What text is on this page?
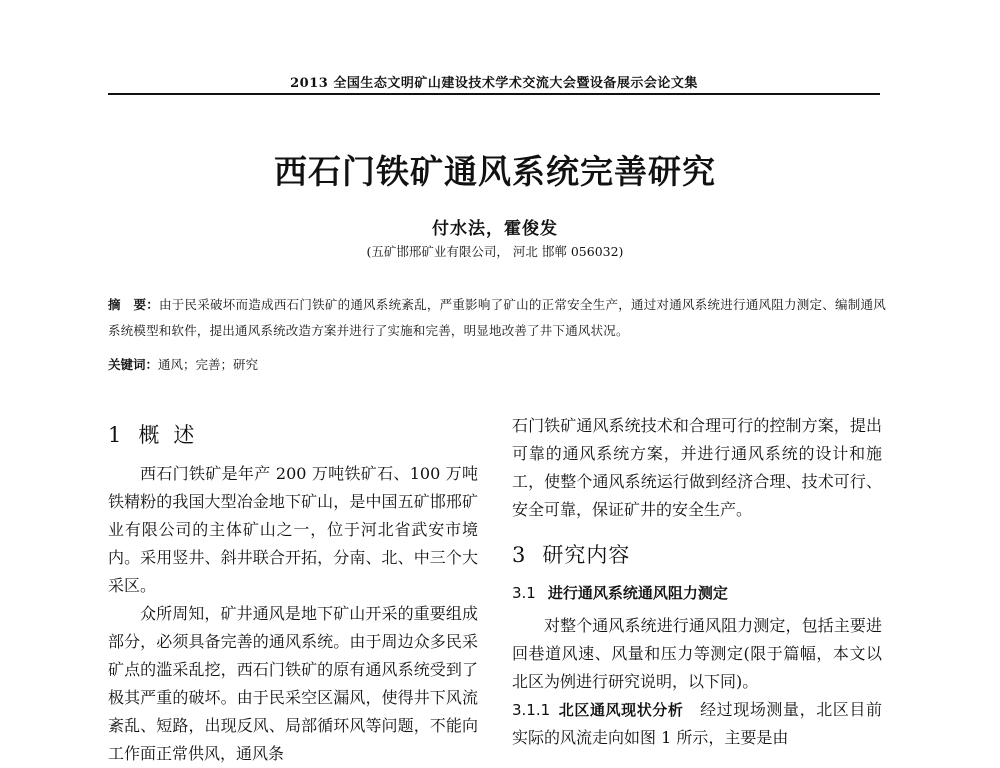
2013 全国生态文明矿山建设技术学术交流大会暨设备展示会论文集
西石门铁矿通风系统完善研究
付水法，霍俊发
(五矿邯邢矿业有限公司， 河北 邯郸 056032)
摘　要：由于民采破坏而造成西石门铁矿的通风系统紊乱，严重影响了矿山的正常安全生产，通过对通风系统进行通风阻力测定、编制通风系统模型和软件，提出通风系统改造方案并进行了实施和完善，明显地改善了井下通风状况。
关键词：通风；完善；研究
1 概述

西石门铁矿是年产 200 万吨铁矿石、100 万吨铁精粉的我国大型冶金地下矿山，是中国五矿邯邢矿业有限公司的主体矿山之一，位于河北省武安市境内。采用竖井、斜井联合开拓，分南、北、中三个大采区。

众所周知，矿井通风是地下矿山开采的重要组成部分，必须具备完善的通风系统。由于周边众多民采矿点的滥采乱挖，西石门铁矿的原有通风系统受到了极其严重的破坏。由于民采空区漏风，使得井下风流紊乱、短路，出现反风、局部循环风等问题，不能向工作面正常供风，通风条

石门铁矿通风系统技术和合理可行的控制方案，提出可靠的通风系统方案，并进行通风系统的设计和施工，使整个通风系统运行做到经济合理、技术可行、安全可靠，保证矿井的安全生产。

3 研究内容
3.1 进行通风系统通风阻力测定

对整个通风系统进行通风阻力测定，包括主要进回巷道风速、风量和压力等测定(限于篇幅，本文以北区为例进行研究说明，以下同)。

3.1.1 北区通风现状分析　 经过现场测量，北区目前实际的风流走向如图 1 所示，主要是由
